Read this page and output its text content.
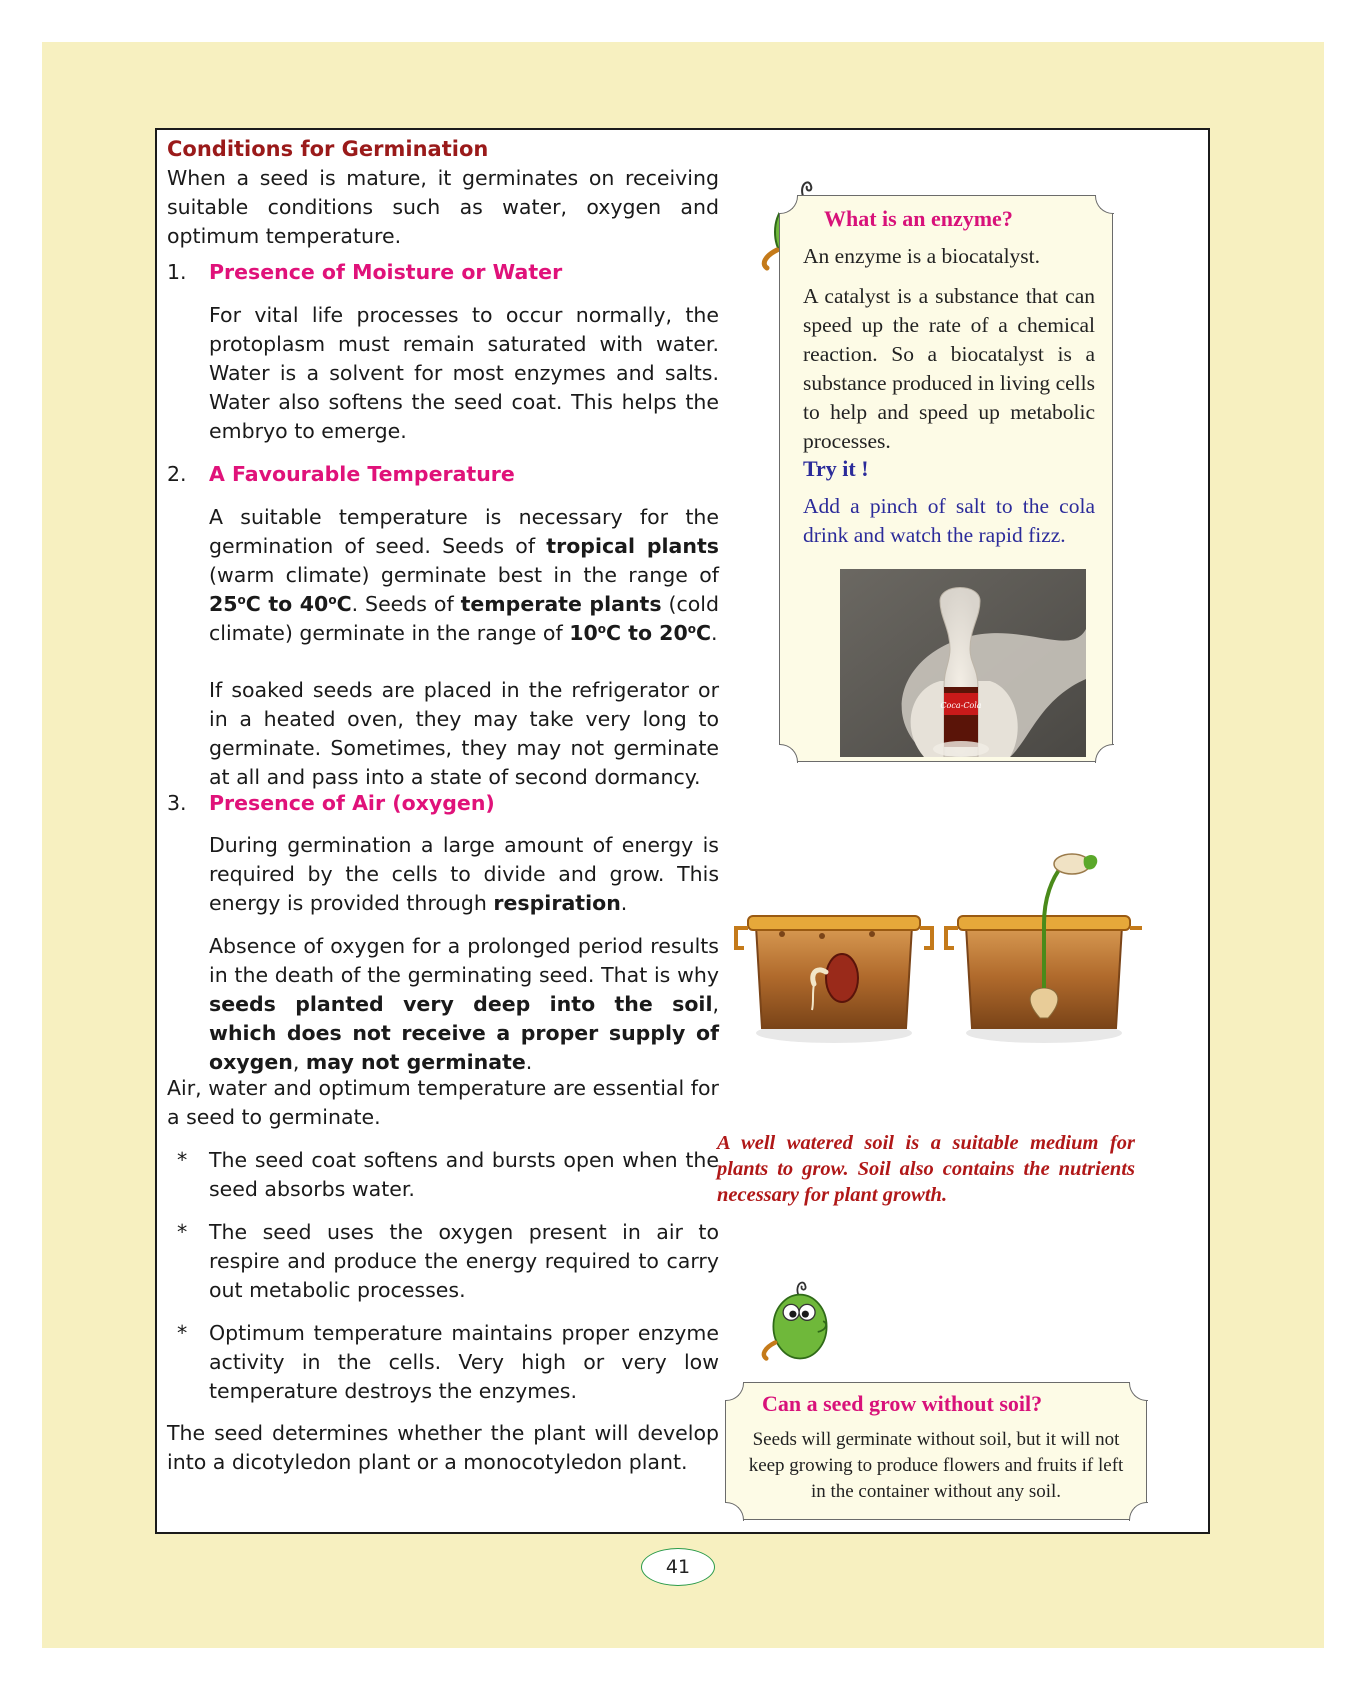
Conditions for Germination
When a seed is mature, it germinates on receiving suitable conditions such as water, oxygen and optimum temperature.
1. Presence of Moisture or Water
For vital life processes to occur normally, the protoplasm must remain saturated with water. Water is a solvent for most enzymes and salts. Water also softens the seed coat. This helps the embryo to emerge.
2. A Favourable Temperature
A suitable temperature is necessary for the germination of seed. Seeds of tropical plants (warm climate) germinate best in the range of 25$^o$C to 40$^o$C. Seeds of temperate plants (cold climate) germinate in the range of 10$^o$C to 20$^o$C.
If soaked seeds are placed in the refrigerator or in a heated oven, they may take very long to germinate. Sometimes, they may not germinate at all and pass into a state of second dormancy.
3. Presence of Air (oxygen)
During germination a large amount of energy is required by the cells to divide and grow. This energy is provided through respiration.
Absence of oxygen for a prolonged period results in the death of the germinating seed. That is why seeds planted very deep into the soil, which does not receive a proper supply of oxygen, may not germinate.
Air, water and optimum temperature are essential for a seed to germinate.
* The seed coat softens and bursts open when the seed absorbs water.
* The seed uses the oxygen present in air to respire and produce the energy required to carry out metabolic processes.
* Optimum temperature maintains proper enzyme activity in the cells. Very high or very low temperature destroys the enzymes.
The seed determines whether the plant will develop into a dicotyledon plant or a monocotyledon plant.
What is an enzyme?
An enzyme is a biocatalyst.
A catalyst is a substance that can speed up the rate of a chemical reaction. So a biocatalyst is a substance produced in living cells to help and speed up metabolic processes.
Try it !
Add a pinch of salt to the cola drink and watch the rapid fizz.
Coca-Cola
A well watered soil is a suitable medium for plants to grow. Soil also contains the nutrients necessary for plant growth.
Can a seed grow without soil?
Seeds will germinate without soil, but it will not keep growing to produce flowers and fruits if left in the container without any soil.
41
